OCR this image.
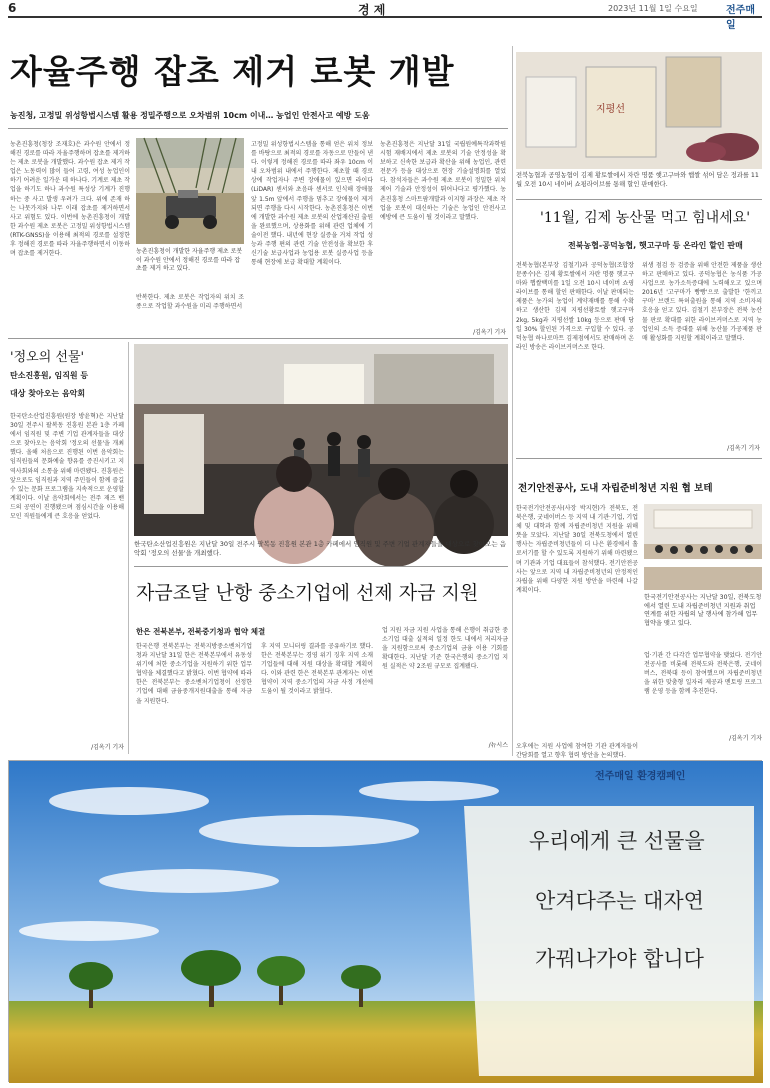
6	경 제	2023년 11월 1일 수요일	전주매일
자율주행 잡초 제거 로봇 개발
농진청, 고정밀 위성항법시스템 활용 정밀주행으로 오차범위 10cm 이내… 농업인 안전사고 예방 도움
농촌진흥청(청장 조재호)은 과수원 안에서 정해진 경로를 따라 자율주행하며 잡초를 제거하는 제초 로봇을 개발했다. 과수원 잡초 제거 작업은 노동력이 많이 들어 고령, 여성 농업인이 하기 어려운 일가운 데 하나다. 기계로 제초 작업을 하기도 하나 과수원 특성상 기계가 진행하는 중 사고 발생 우려가 크다. 위에 존재 하는 나뭇가지와 나무 이래 잡초를 제거하면서 사고 위험도 있다. 이번에 농촌진흥청이 개발한 과수원 제초 로봇은 고정밀 위성항법시스템(RTK-GNSS)을 이용해 최적의 경로를 설정한 후 정해진 경로를 따라 자율주행하면서 이동하며 잡초를 제거한다.	농촌진흥청이 개발한 자율주행 제초 로봇이 과수원 안에서 정해진 경로를 따라 잡초를 제거 하고 있다.
반복한다. 제초 로봇은 작업자의 위치 조종으로 작업할 과수원을 미리 주행하면서
고정밀 위성항법시스템을 통해 얻은 위치 정보를 바탕으로 최적의 경로를 자동으로 만들어 낸다. 이렇게 정해진 경로를 따라 좌우 10cm 이내 오차범위 내에서 주행한다. 제초할 때 경로 상에 작업자나 주변 장애물이 있으면 라이다(LiDAR) 센서와 초음파 센서로 인식해 장애물 앞 1.5m 앞에서 주행을 멈추고 장애물이 제거되면 주행을 다시 시작한다. 농촌진흥청은 이번에 개발한 과수원 제초 로봇의 산업재산권 출원을 완료했으며, 상용화를 위해 관련 업체에 기술이전 했다. 내년에 현장 실증을 거쳐 작업 성능과 주행 편의 관련 기술 안전성을 확보한 후 신기술 보급사업과 농업용 로봇 실증사업 등을 통해 현장에 보급 확대할 계획이다.
농촌진흥청은 지난달 31일 국립원예특작과학원 시험 재배지에서 제초 로봇의 기술 안정성을 확보하고 신속한 보급과 확산을 위해 농업인, 관련 전문가 등을 대상으로 현장 기술설명회를 열었다. 참석자들은 과수원 제초 로봇이 정밀한 위치 제어 기술과 안정성이 뛰어나다고 평가했다. 농촌진흥청 스마트팜개발과 이지형 과장은 제초 작업을 로봇이 대신하는 기술은 농업인 안전사고 예방에 큰 도움이 될 것이라고 말했다.
/김옥기 기자
지평선
전북농협과 공영농협이 김제 황토쌀에서 자란 명품 햇고구마와 햅쌀 섞어 담은 정과를 11월 오전 10시 네이버 쇼핑라이브를 통해 할인 판매한다.
'11월, 김제 농산물 먹고 힘내세요'
전북농협-공덕농협, 햇고구마 등 온라인 할인 판매
전북농협(본부장 김철기)과 공덕농협(조합장 문종수)은 김제 황토쌀에서 자란 명품 햇고구마와 햅쌀백미를 1일 오전 10시 네이버 쇼핑라이브를 통해 할인 판매한다. 이날 판매되는 제품은 농가의 농업이 계약재배를 통해 수확하고 생산한 김제 지평선황토쌀 햇고구마 2kg, 5kg과 지평선쌀 10kg 등으로 판매 당일 30% 할인된 가격으로 구입할 수 있다. 공덕농협 하나로마트 김제점에서도 판매하며 온라인 방송은 라이브커머스로 한다.
위생 점검 등 검증을 위해 안전한 제품을 생산하고 판매하고 있다. 공덕농협은 농식품 가공사업으로 농가소득증대에 노력해오고 있으며 2016년 '고구마가 빵빵'으로 출발한 '한끼고구마' 브랜드 특허출원을 통해 지역 소비자의 호응을 얻고 있다. 김철기 본부장은 전북 농산물 판로 확대를 위한 라이브커머스로 지역 농업인의 소득 증대를 위해 농산물 가공제품 판매 활성화를 지원할 계획이라고 말했다.
/김옥기 기자
'정오의 선물'
탄소진흥원, 임직원 등
대상 찾아오는 음악회
한국탄소산업진흥원(원장 방윤혁)은 지난달 30일 전주시 팔복동 진흥원 본관 1층 카페에서 임직원 및 주변 기업 관계자들을 대상으로 찾아오는 음악회 '정오의 선물'을 개최했다. 올해 처음으로 진행된 이번 음악회는 임직원들의 문화예술 향유를 증진시키고 지역사회와의 소통을 위해 마련됐다. 진흥원은 앞으로도 임직원과 지역 주민들이 함께 즐길 수 있는 문화 프로그램을 지속적으로 운영할 계획이다. 이날 음악회에서는 전주 재즈 밴드의 공연이 진행됐으며 점심시간을 이용해 모인 직원들에게 큰 호응을 얻었다.
/김옥기 기자
한국탄소산업진흥원은 지난달 30일 전주시 팔복동 진흥원 본관 1층 카페에서 임직원 및 주변 기업 관계자들을 대상으로 찾아오는 음악회 '정오의 선물'을 개최했다.
전기안전공사, 도내 자립준비청년 지원 협 보테
한국전기안전공사(사장 박지현)가 전북도, 전북은행, 굿네이버스 등 지역 내 기관·기업, 기업체 및 대학과 함께 자립준비청년 지원을 위해 뜻을 모았다. 지난달 30일 전북도청에서 열린 행사는 자립준비청년들이 더 나은 환경에서 홀로서기를 할 수 있도록 지원하기 위해 마련됐으며 기관과 기업 대표들이 참석했다. 전기안전공사는 앞으로 지역 내 자립준비청년의 안정적인 자립을 위해 다양한 지원 방안을 마련해 나갈 계획이다.
한국전기안전공사는 지난달 30일, 전북도청에서 열린 도내 자립준비청년 지원과 취업 연계를 위한 자립의 날 행사에 참가해 업무협약을 맺고 있다.
업·기관 간 다각간 업무협약을 맺었다. 전기안전공사를 비롯해 전북도와 전북은행, 굿네이버스, 전북대 등이 참여했으며 자립준비청년을 위한 맞춤형 일자리 제공과 멘토링 프로그램 운영 등을 함께 추진한다.
/김옥기 기자
자금조달 난항 중소기업에 선제 자금 지원
한은 전북본부, 전북중기청과 협약 체결
한국은행 전북본부는 전북지방중소벤처기업청과 지난달 31일 한은 전북본부에서 유동성 위기에 처한 중소기업을 지원하기 위한 업무협약을 체결했다고 밝혔다. 이번 협약에 따라 한은 전북본부는 중소벤처기업청이 선정한 기업에 대해 금융중개지원대출을 통해 자금을 지원한다.
후 지역 모니터링 결과를 공유하기로 했다. 한은 전북본부는 경영 위기 징후 지역 소재 기업들에 대해 지원 대상을 확대할 계획이다. 이와 관련 한은 전북본부 관계자는 이번 협약이 지역 중소기업의 자금 사정 개선에 도움이 될 것이라고 밝혔다.
업 지원 자금 지원 사업을 통해 은행이 취급한 중소기업 대출 실적의 일정 한도 내에서 저리자금을 지원함으로써 중소기업의 금융 이용 기회를 확대한다. 지난달 기준 한국은행의 중소기업 지원 실적은 약 2조원 규모로 집계됐다.
/뉴시스 오후에는 지원 사업에 참여한 기관 관계자들이 간담회를 열고 향후 협력 방안을 논의했다.
전주매일 환경캠페인
우리에게 큰 선물을
안겨다주는 대자연
가꿔나가야 합니다
